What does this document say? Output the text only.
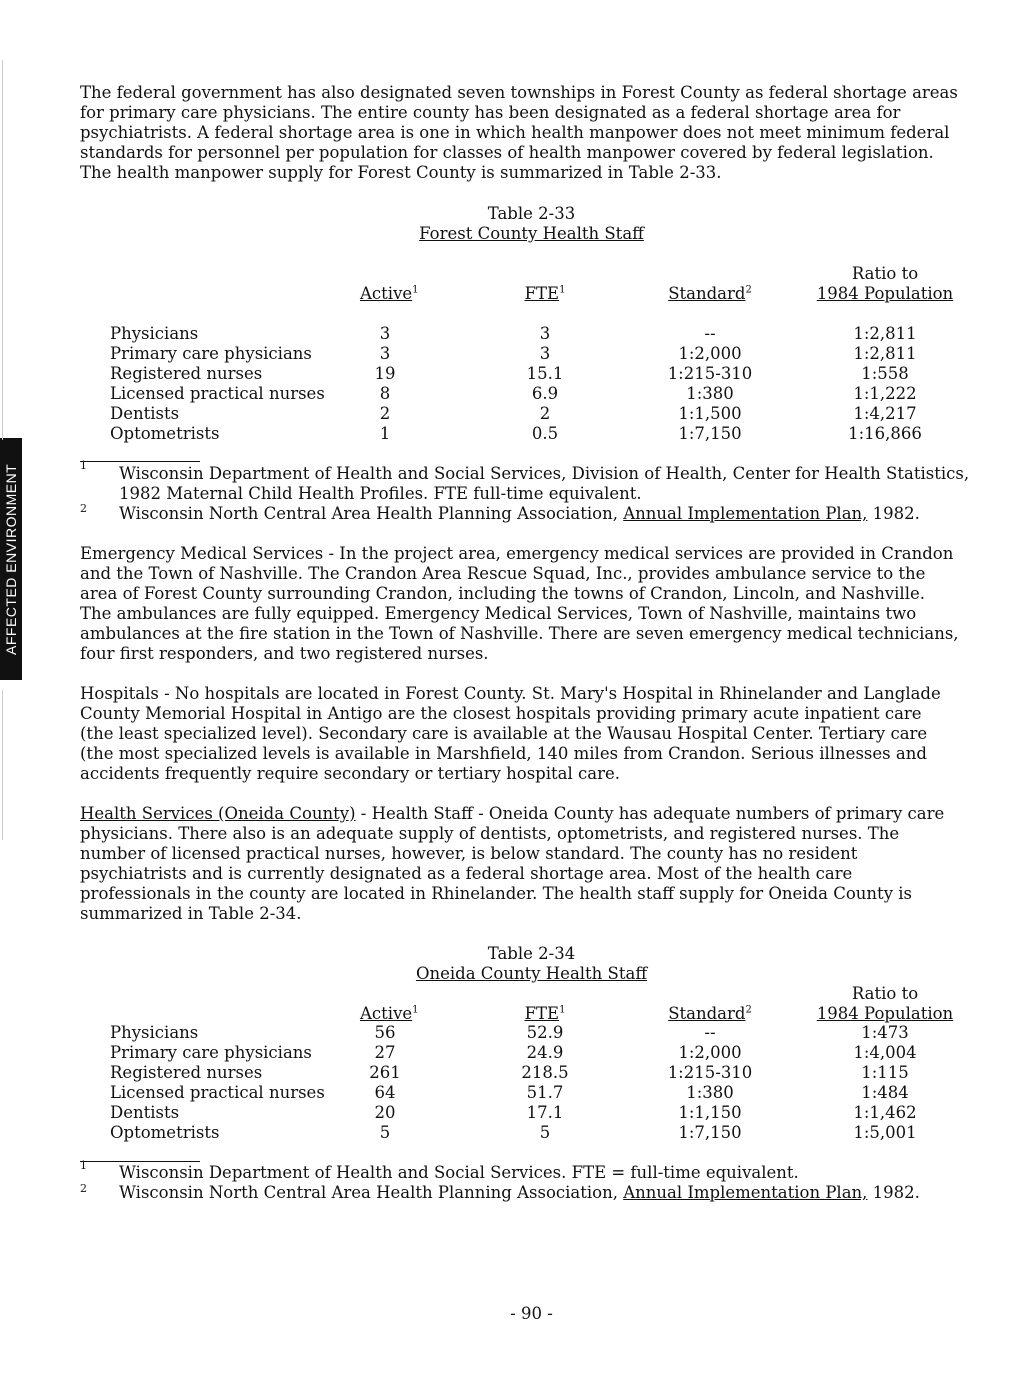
AFFECTED ENVIRONMENT

The federal government has also designated seven townships in Forest County as federal shortage areas for primary care physicians. The entire county has been designated as a federal shortage area for psychiatrists. A federal shortage area is one in which health manpower does not meet minimum federal standards for personnel per population for classes of health manpower covered by federal legislation. The health manpower supply for Forest County is summarized in Table 2-33.

Table 2-33
Forest County Health Staff
Ratio to
Active$^1$	FTE$^1$	Standard$^2$	1984 Population
Physicians	3	3	--	1:2,811
Primary care physicians	3	3	1:2,000	1:2,811
Registered nurses	19	15.1	1:215-310	1:558
Licensed practical nurses	8	6.9	1:380	1:1,222
Dentists	2	2	1:1,500	1:4,217
Optometrists	1	0.5	1:7,150	1:16,866
1 Wisconsin Department of Health and Social Services, Division of Health, Center for Health Statistics, 1982 Maternal Child Health Profiles. FTE full-time equivalent.

2 Wisconsin North Central Area Health Planning Association, Annual Implementation Plan, 1982.

Emergency Medical Services - In the project area, emergency medical services are provided in Crandon and the Town of Nashville. The Crandon Area Rescue Squad, Inc., provides ambulance service to the area of Forest County surrounding Crandon, including the towns of Crandon, Lincoln, and Nashville. The ambulances are fully equipped. Emergency Medical Services, Town of Nashville, maintains two ambulances at the fire station in the Town of Nashville. There are seven emergency medical technicians, four first responders, and two registered nurses.

Hospitals - No hospitals are located in Forest County. St. Mary's Hospital in Rhinelander and Langlade County Memorial Hospital in Antigo are the closest hospitals providing primary acute inpatient care (the least specialized level). Secondary care is available at the Wausau Hospital Center. Tertiary care (the most specialized levels is available in Marshfield, 140 miles from Crandon. Serious illnesses and accidents frequently require secondary or tertiary hospital care.

Health Services (Oneida County) - Health Staff - Oneida County has adequate numbers of primary care physicians. There also is an adequate supply of dentists, optometrists, and registered nurses. The number of licensed practical nurses, however, is below standard. The county has no resident psychiatrists and is currently designated as a federal shortage area. Most of the health care professionals in the county are located in Rhinelander. The health staff supply for Oneida County is summarized in Table 2-34.

Table 2-34
Oneida County Health Staff
Ratio to
Active$^1$	FTE$^1$	Standard$^2$	1984 Population
Physicians	56	52.9	--	1:473
Primary care physicians	27	24.9	1:2,000	1:4,004
Registered nurses	261	218.5	1:215-310	1:115
Licensed practical nurses	64	51.7	1:380	1:484
Dentists	20	17.1	1:1,150	1:1,462
Optometrists	5	5	1:7,150	1:5,001
1 Wisconsin Department of Health and Social Services. FTE = full-time equivalent.

2 Wisconsin North Central Area Health Planning Association, Annual Implementation Plan, 1982.

- 90 -
